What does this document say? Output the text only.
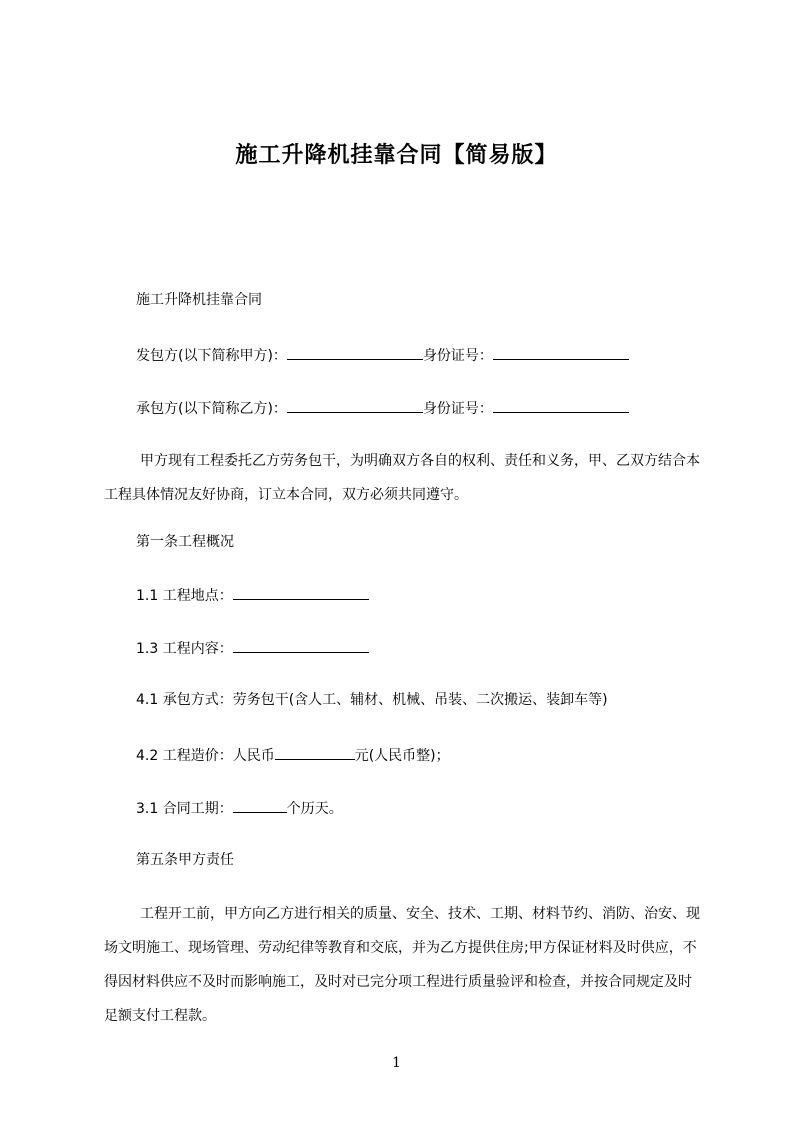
施工升降机挂靠合同【简易版】
施工升降机挂靠合同
发包方(以下简称甲方)：	身份证号：
承包方(以下简称乙方)：	身份证号：
甲方现有工程委托乙方劳务包干，为明确双方各自的权利、责任和义务，甲、乙双方结合本工程具体情况友好协商，订立本合同，双方必须共同遵守。
第一条工程概况
1.1 工程地点：
1.3 工程内容：
4.1 承包方式：劳务包干(含人工、辅材、机械、吊装、二次搬运、装卸车等)
4.2 工程造价：人民币	元(人民币整)；
3.1 合同工期：	个历天。
第五条甲方责任
工程开工前，甲方向乙方进行相关的质量、安全、技术、工期、材料节约、消防、治安、现场文明施工、现场管理、劳动纪律等教育和交底，并为乙方提供住房;甲方保证材料及时供应，不得因材料供应不及时而影响施工，及时对已完分项工程进行质量验评和检查，并按合同规定及时足额支付工程款。
1
